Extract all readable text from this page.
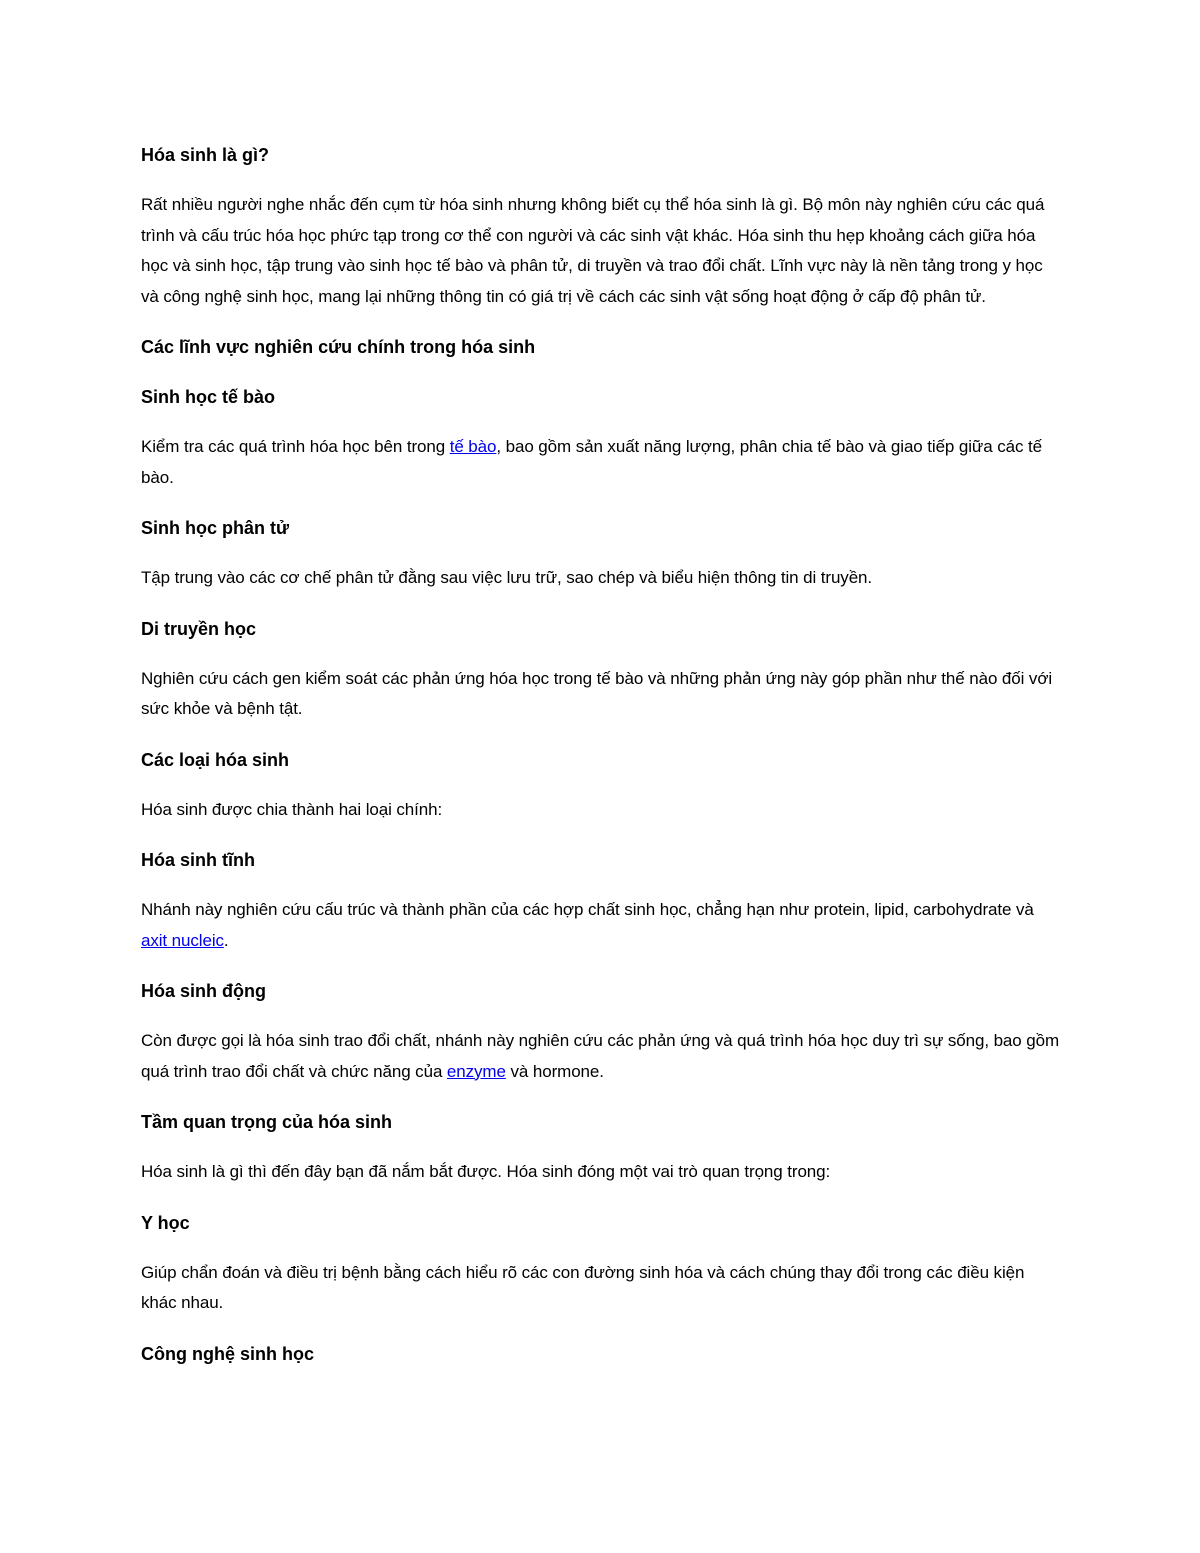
Hóa sinh là gì?
Rất nhiều người nghe nhắc đến cụm từ hóa sinh nhưng không biết cụ thể hóa sinh là gì. Bộ môn này nghiên cứu các quá trình và cấu trúc hóa học phức tạp trong cơ thể con người và các sinh vật khác. Hóa sinh thu hẹp khoảng cách giữa hóa học và sinh học, tập trung vào sinh học tế bào và phân tử, di truyền và trao đổi chất. Lĩnh vực này là nền tảng trong y học và công nghệ sinh học, mang lại những thông tin có giá trị về cách các sinh vật sống hoạt động ở cấp độ phân tử.
Các lĩnh vực nghiên cứu chính trong hóa sinh
Sinh học tế bào
Kiểm tra các quá trình hóa học bên trong tế bào, bao gồm sản xuất năng lượng, phân chia tế bào và giao tiếp giữa các tế bào.
Sinh học phân tử
Tập trung vào các cơ chế phân tử đằng sau việc lưu trữ, sao chép và biểu hiện thông tin di truyền.
Di truyền học
Nghiên cứu cách gen kiểm soát các phản ứng hóa học trong tế bào và những phản ứng này góp phần như thế nào đối với sức khỏe và bệnh tật.
Các loại hóa sinh
Hóa sinh được chia thành hai loại chính:
Hóa sinh tĩnh
Nhánh này nghiên cứu cấu trúc và thành phần của các hợp chất sinh học, chẳng hạn như protein, lipid, carbohydrate và axit nucleic.
Hóa sinh động
Còn được gọi là hóa sinh trao đổi chất, nhánh này nghiên cứu các phản ứng và quá trình hóa học duy trì sự sống, bao gồm quá trình trao đổi chất và chức năng của enzyme và hormone.
Tầm quan trọng của hóa sinh
Hóa sinh là gì thì đến đây bạn đã nắm bắt được. Hóa sinh đóng một vai trò quan trọng trong:
Y học
Giúp chẩn đoán và điều trị bệnh bằng cách hiểu rõ các con đường sinh hóa và cách chúng thay đổi trong các điều kiện khác nhau.
Công nghệ sinh học
